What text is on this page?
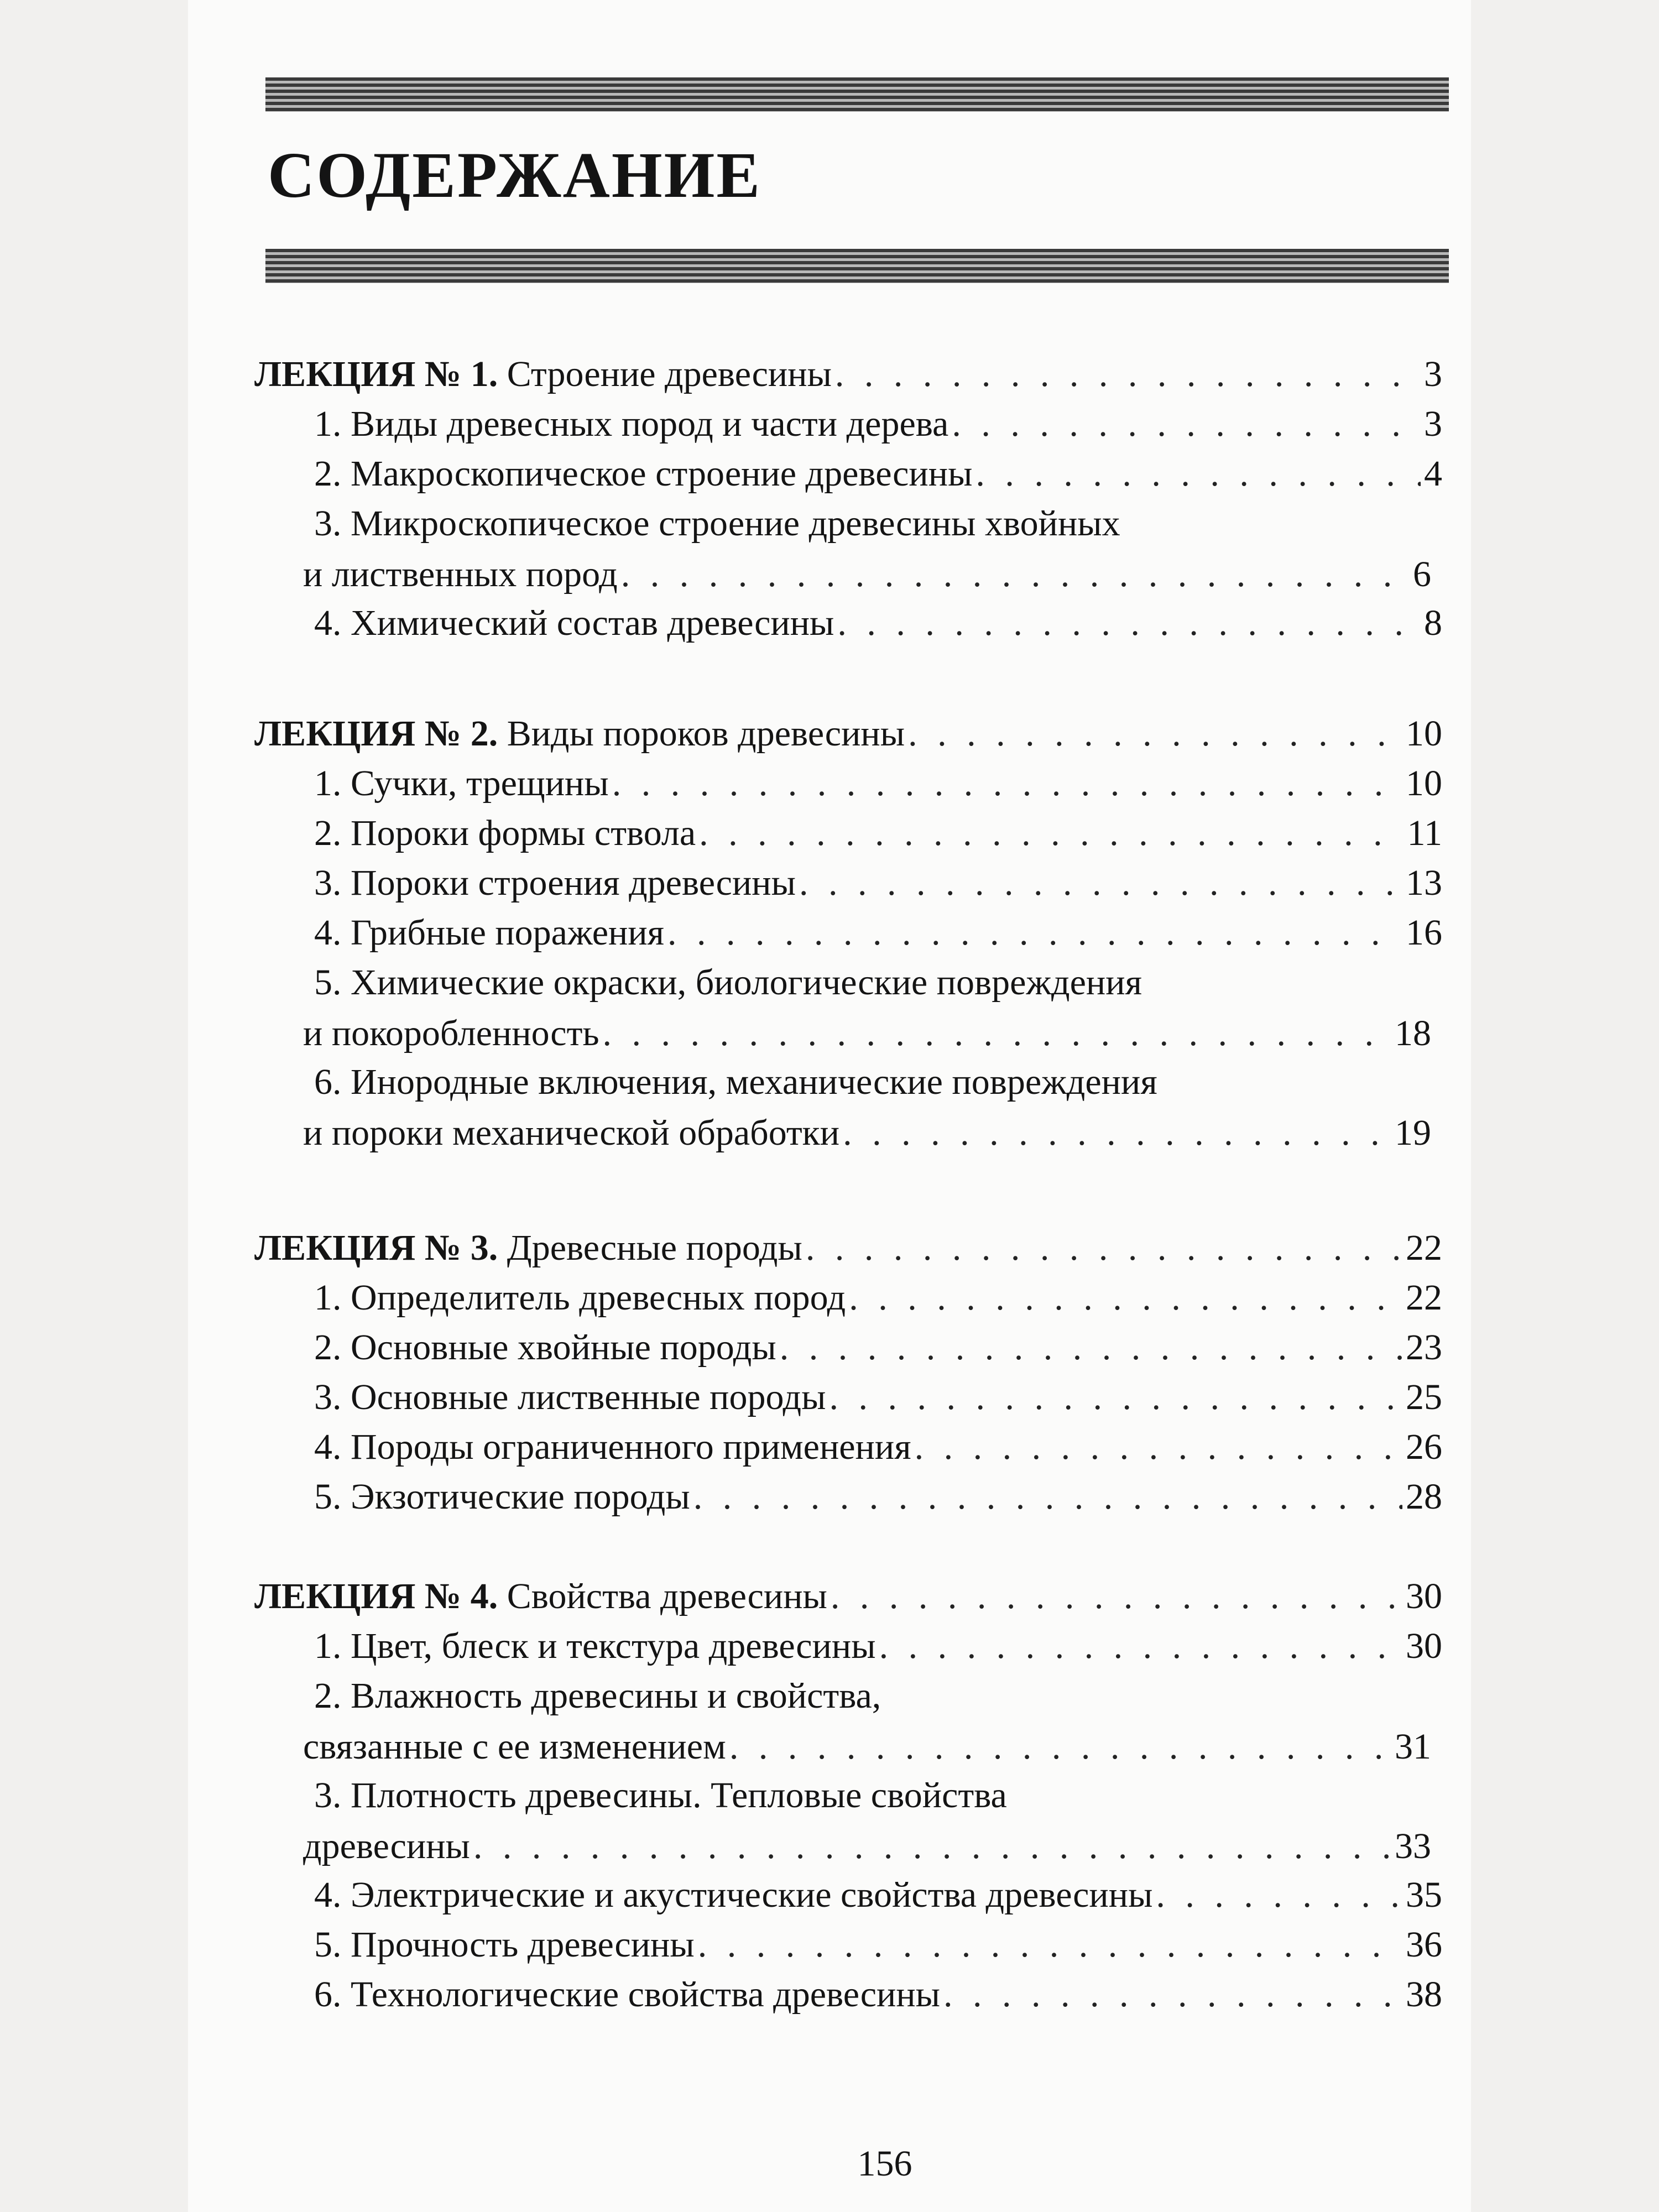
СОДЕРЖАНИЕ
ЛЕКЦИЯ № 1. Строение древесины . . .	3
1. Виды древесных пород и части дерева . . .	3
2. Макроскопическое строение древесины . . .	4
3. Микроскопическое строение древесины хвойных
и лиственных пород . . .	6
4. Химический состав древесины . . .	8
ЛЕКЦИЯ № 2. Виды пороков древесины . . .	10
1. Сучки, трещины . . .	10
2. Пороки формы ствола . . .	11
3. Пороки строения древесины . . .	13
4. Грибные поражения . . .	16
5. Химические окраски, биологические повреждения
и покоробленность . . .	18
6. Инородные включения, механические повреждения
и пороки механической обработки . . .	19
ЛЕКЦИЯ № 3. Древесные породы . . .	22
1. Определитель древесных пород . . .	22
2. Основные хвойные породы . . .	23
3. Основные лиственные породы . . .	25
4. Породы ограниченного применения . . .	26
5. Экзотические породы . . .	28
ЛЕКЦИЯ № 4. Свойства древесины . . .	30
1. Цвет, блеск и текстура древесины . . .	30
2. Влажность древесины и свойства,
связанные с ее изменением . . .	31
3. Плотность древесины. Тепловые свойства
древесины . . .	33
4. Электрические и акустические свойства древесины . . .	35
5. Прочность древесины . . .	36
6. Технологические свойства древесины . . .	38
156
